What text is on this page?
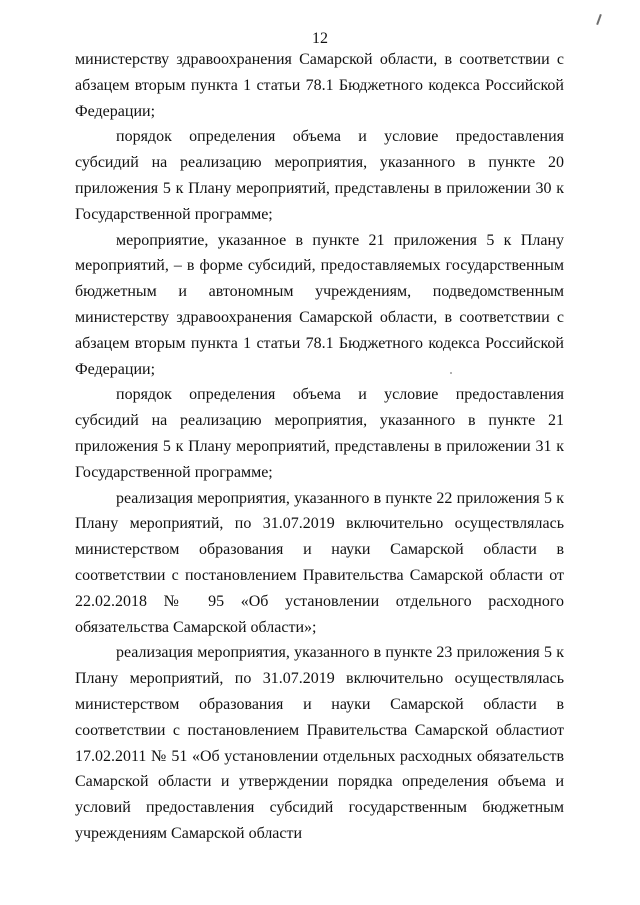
12

министерству здравоохранения Самарской области, в соответствии с абзацем вторым пункта 1 статьи 78.1 Бюджетного кодекса Российской Федерации;

порядок определения объема и условие предоставления субсидий на реализацию мероприятия, указанного в пункте 20 приложения 5 к Плану мероприятий, представлены в приложении 30 к Государственной программе;

мероприятие, указанное в пункте 21 приложения 5 к Плану мероприятий, – в форме субсидий, предоставляемых государственным бюджетным и автономным учреждениям, подведомственным министерству здравоохранения Самарской области, в соответствии с абзацем вторым пункта 1 статьи 78.1 Бюджетного кодекса Российской Федерации;

порядок определения объема и условие предоставления субсидий на реализацию мероприятия, указанного в пункте 21 приложения 5 к Плану мероприятий, представлены в приложении 31 к Государственной программе;

реализация мероприятия, указанного в пункте 22 приложения 5 к Плану мероприятий, по 31.07.2019 включительно осуществлялась министерством образования и науки Самарской области в соответствии с постановлением Правительства Самарской области от 22.02.2018 № 95 «Об установлении отдельного расходного обязательства Самарской области»;

реализация мероприятия, указанного в пункте 23 приложения 5 к Плану мероприятий, по 31.07.2019 включительно осуществлялась министерством образования и науки Самарской области в соответствии с постановлением Правительства Самарской областиот 17.02.2011 № 51 «Об установлении отдельных расходных обязательств Самарской области и утверждении порядка определения объема и условий предоставления субсидий государственным бюджетным учреждениям Самарской области
